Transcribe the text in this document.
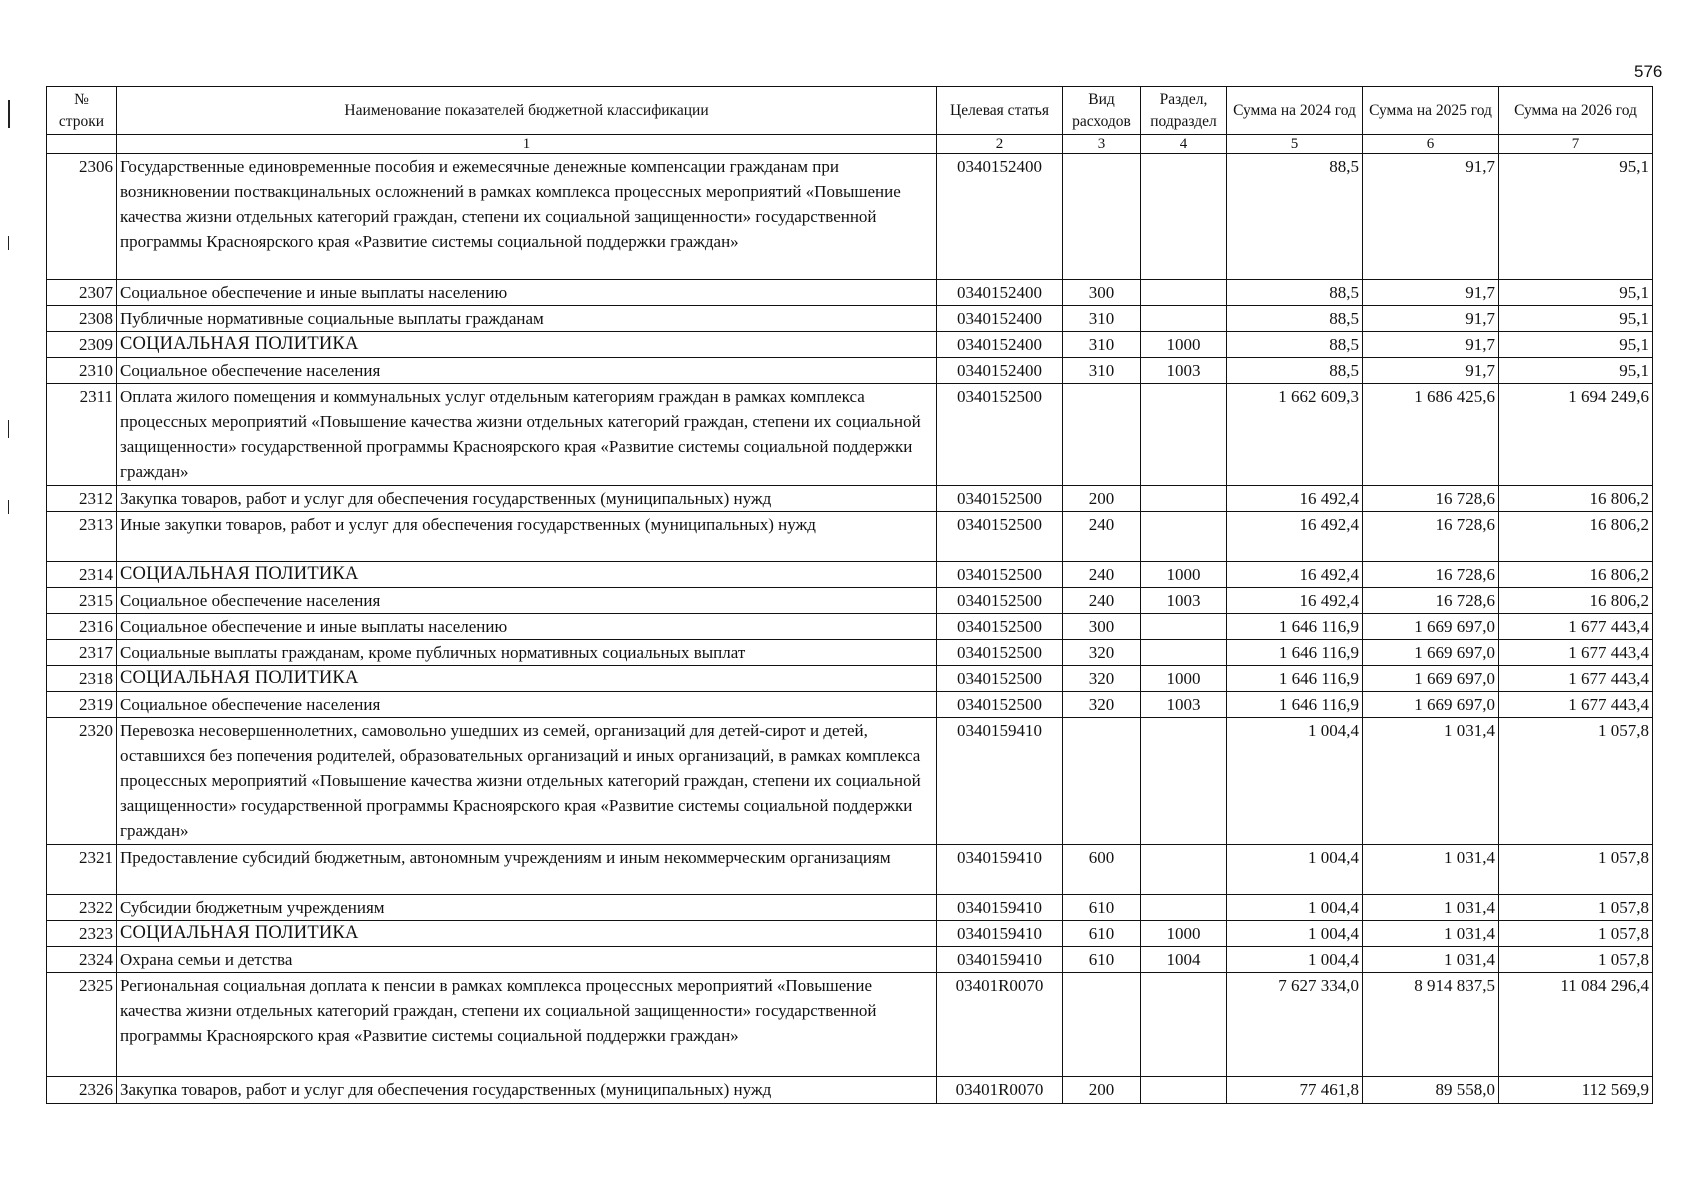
576
№ строки	Наименование показателей бюджетной классификации	Целевая статья	Вид расходов	Раздел, подраздел	Сумма на 2024 год	Сумма на 2025 год	Сумма на 2026 год
	1	2	3	4	5	6	7
2306	Государственные единовременные пособия и ежемесячные денежные компенсации гражданам при возникновении поствакцинальных осложнений в рамках комплекса процессных мероприятий «Повышение качества жизни отдельных категорий граждан, степени их социальной защищенности» государственной программы Красноярского края «Развитие системы социальной поддержки граждан»	0340152400			88,5	91,7	95,1
2307	Социальное обеспечение и иные выплаты населению	0340152400	300		88,5	91,7	95,1
2308	Публичные нормативные социальные выплаты гражданам	0340152400	310		88,5	91,7	95,1
2309	СОЦИАЛЬНАЯ ПОЛИТИКА	0340152400	310	1000	88,5	91,7	95,1
2310	Социальное обеспечение населения	0340152400	310	1003	88,5	91,7	95,1
2311	Оплата жилого помещения и коммунальных услуг отдельным категориям граждан в рамках комплекса процессных мероприятий «Повышение качества жизни отдельных категорий граждан, степени их социальной защищенности» государственной программы Красноярского края «Развитие системы социальной поддержки граждан»	0340152500			1 662 609,3	1 686 425,6	1 694 249,6
2312	Закупка товаров, работ и услуг для обеспечения государственных (муниципальных) нужд	0340152500	200		16 492,4	16 728,6	16 806,2
2313	Иные закупки товаров, работ и услуг для обеспечения государственных (муниципальных) нужд	0340152500	240		16 492,4	16 728,6	16 806,2
2314	СОЦИАЛЬНАЯ ПОЛИТИКА	0340152500	240	1000	16 492,4	16 728,6	16 806,2
2315	Социальное обеспечение населения	0340152500	240	1003	16 492,4	16 728,6	16 806,2
2316	Социальное обеспечение и иные выплаты населению	0340152500	300		1 646 116,9	1 669 697,0	1 677 443,4
2317	Социальные выплаты гражданам, кроме публичных нормативных социальных выплат	0340152500	320		1 646 116,9	1 669 697,0	1 677 443,4
2318	СОЦИАЛЬНАЯ ПОЛИТИКА	0340152500	320	1000	1 646 116,9	1 669 697,0	1 677 443,4
2319	Социальное обеспечение населения	0340152500	320	1003	1 646 116,9	1 669 697,0	1 677 443,4
2320	Перевозка несовершеннолетних, самовольно ушедших из семей, организаций для детей-сирот и детей, оставшихся без попечения родителей, образовательных организаций и иных организаций, в рамках комплекса процессных мероприятий «Повышение качества жизни отдельных категорий граждан, степени их социальной защищенности» государственной программы Красноярского края «Развитие системы социальной поддержки граждан»	0340159410			1 004,4	1 031,4	1 057,8
2321	Предоставление субсидий бюджетным, автономным учреждениям и иным некоммерческим организациям	0340159410	600		1 004,4	1 031,4	1 057,8
2322	Субсидии бюджетным учреждениям	0340159410	610		1 004,4	1 031,4	1 057,8
2323	СОЦИАЛЬНАЯ ПОЛИТИКА	0340159410	610	1000	1 004,4	1 031,4	1 057,8
2324	Охрана семьи и детства	0340159410	610	1004	1 004,4	1 031,4	1 057,8
2325	Региональная социальная доплата к пенсии в рамках комплекса процессных мероприятий «Повышение качества жизни отдельных категорий граждан, степени их социальной защищенности» государственной программы Красноярского края «Развитие системы социальной поддержки граждан»	03401R0070			7 627 334,0	8 914 837,5	11 084 296,4
2326	Закупка товаров, работ и услуг для обеспечения государственных (муниципальных) нужд	03401R0070	200		77 461,8	89 558,0	112 569,9
